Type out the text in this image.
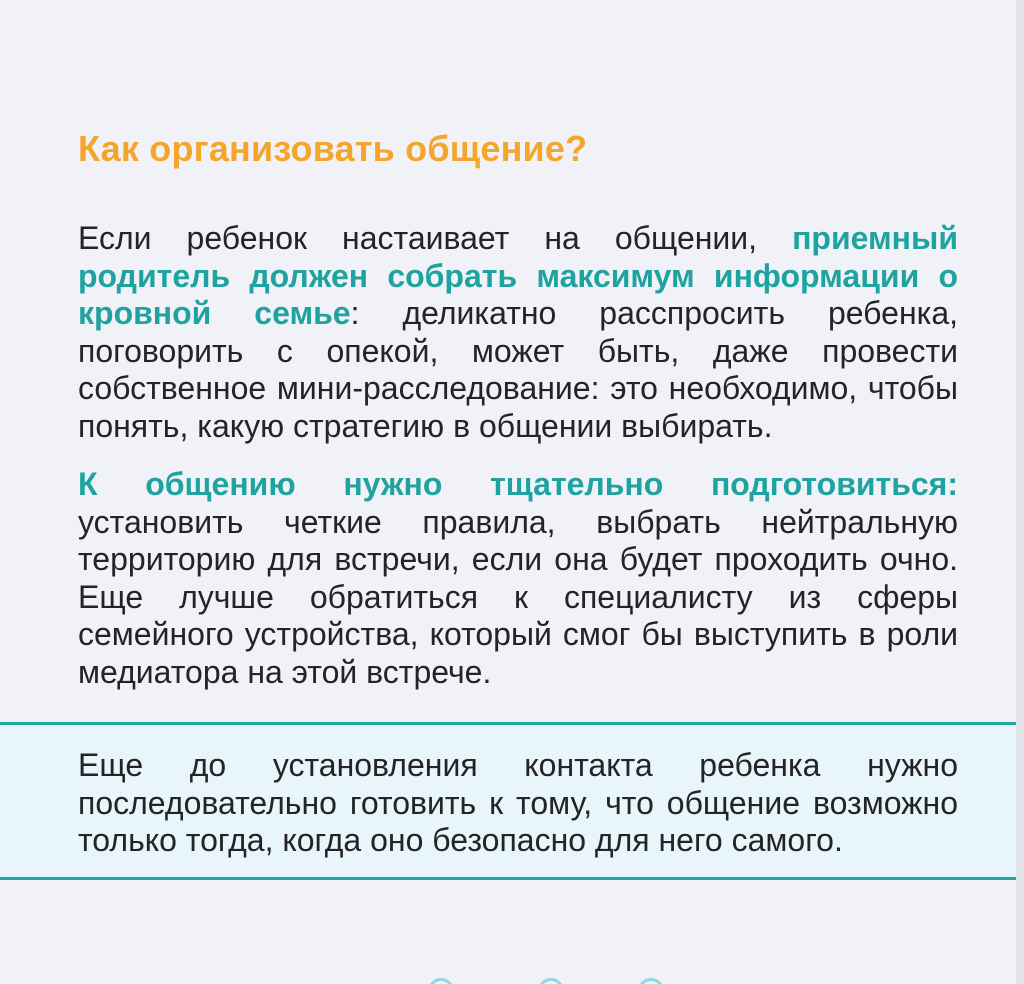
Как организовать общение?

Если ребенок настаивает на общении, приемный родитель должен собрать максимум информации о кровной семье: деликатно расспросить ребенка, поговорить с опекой, может быть, даже провести собственное мини-расследование: это необходимо, чтобы понять, какую стратегию в общении выбирать.

К общению нужно тщательно подготовиться: установить четкие правила, выбрать нейтральную территорию для встречи, если она будет проходить очно. Еще лучше обратиться к специалисту из сферы семейного устройства, который смог бы выступить в роли медиатора на этой встрече.

Еще до установления контакта ребенка нужно последовательно готовить к тому, что общение возможно только тогда, когда оно безопасно для него самого.
